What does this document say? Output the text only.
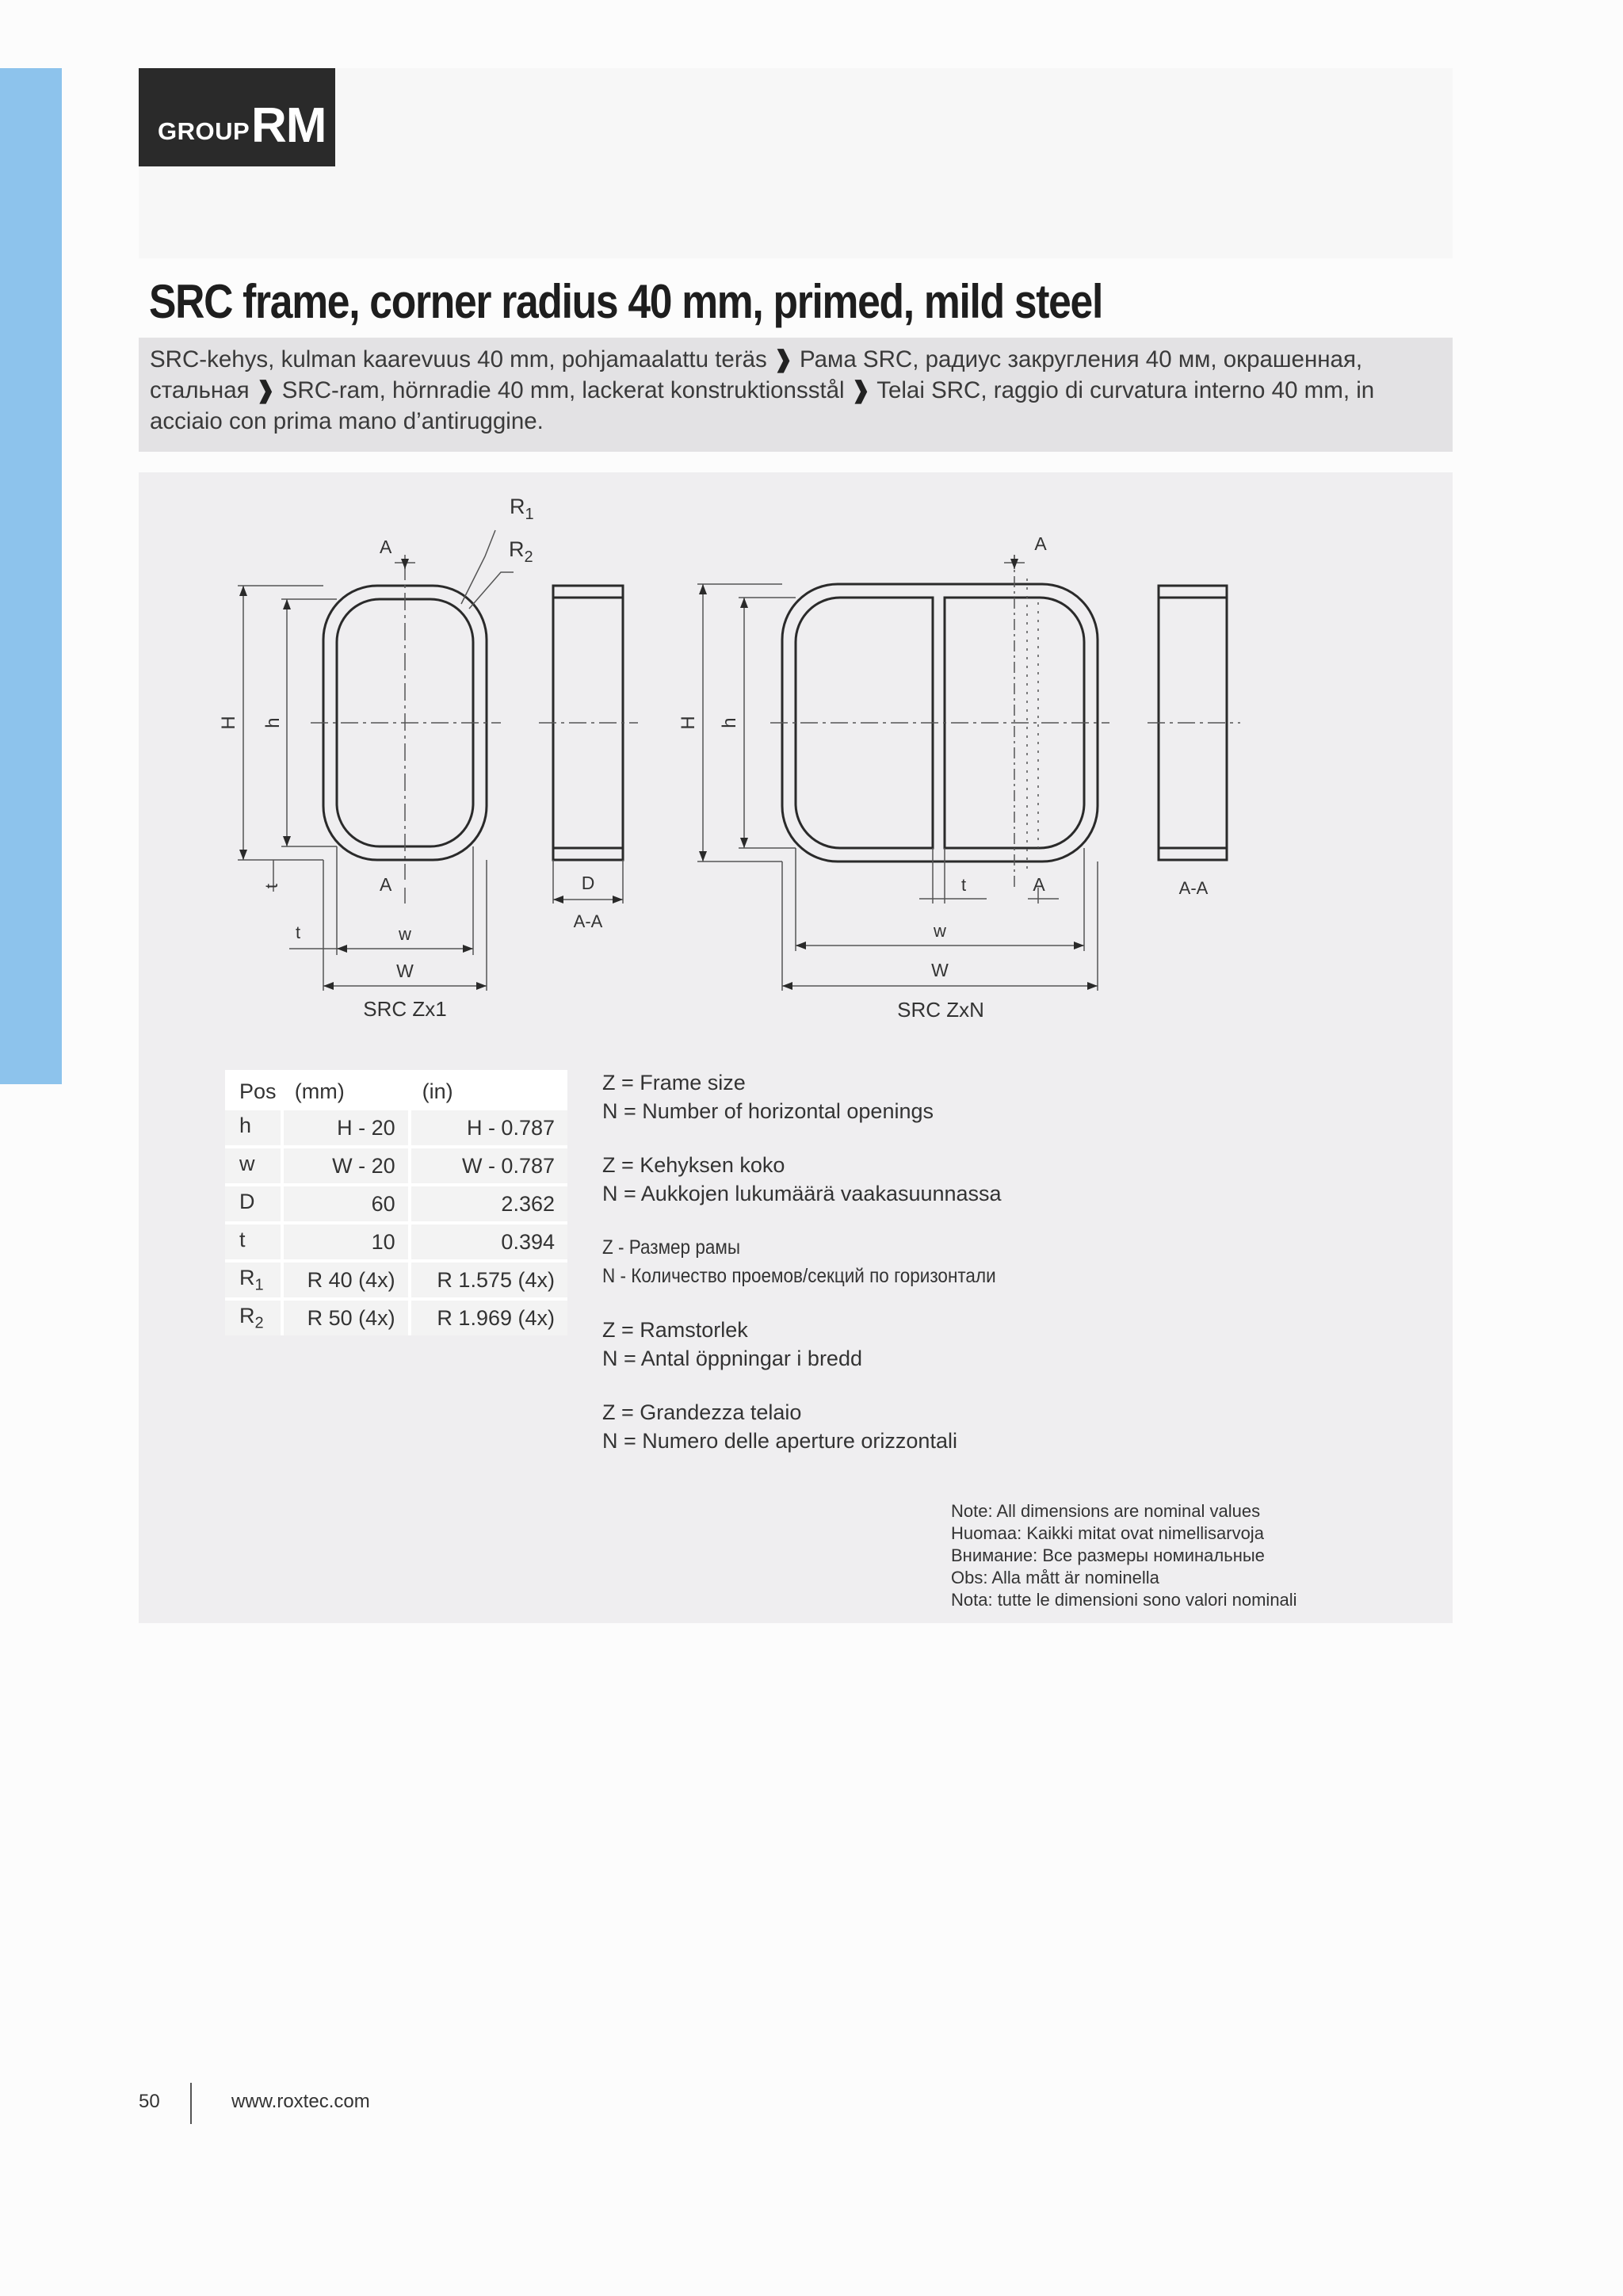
GROUP RM
SRC frame, corner radius 40 mm, primed, mild steel

SRC-kehys, kulman kaarevuus 40 mm, pohjamaalattu teräs ❱ Рама SRC, радиус закругления 40 мм, окрашенная, стальная ❱ SRC-ram, hörnradie 40 mm, lackerat konstruktionsstål ❱ Telai SRC, raggio di curvatura interno 40 mm, in acciaio con prima mano d’antiruggine.

A
$R_1$
$R_2$
H h
t	A
t	w
W
SRC Zx1
D
A-A
A
H h
t	A
w
W
SRC ZxN
A-A
Pos	(mm)	(in)
h	H - 20	H - 0.787
w	W - 20	W - 0.787
D	60	2.362
t	10	0.394
$R_1$	R 40 (4x)	R 1.575 (4x)
$R_2$	R 50 (4x)	R 1.969 (4x)
Z = Frame size
N = Number of horizontal openings
Z = Kehyksen koko
N = Aukkojen lukumäärä vaakasuunnassa
Z - Размер рамы
N - Количество проемов/секций по горизонтали
Z = Ramstorlek
N = Antal öppningar i bredd
Z = Grandezza telaio
N = Numero delle aperture orizzontali
Note: All dimensions are nominal values
Huomaa: Kaikki mitat ovat nimellisarvoja
Внимание: Все размеры номинальные
Obs: Alla mått är nominella
Nota: tutte le dimensioni sono valori nominali
50	www.roxtec.com
